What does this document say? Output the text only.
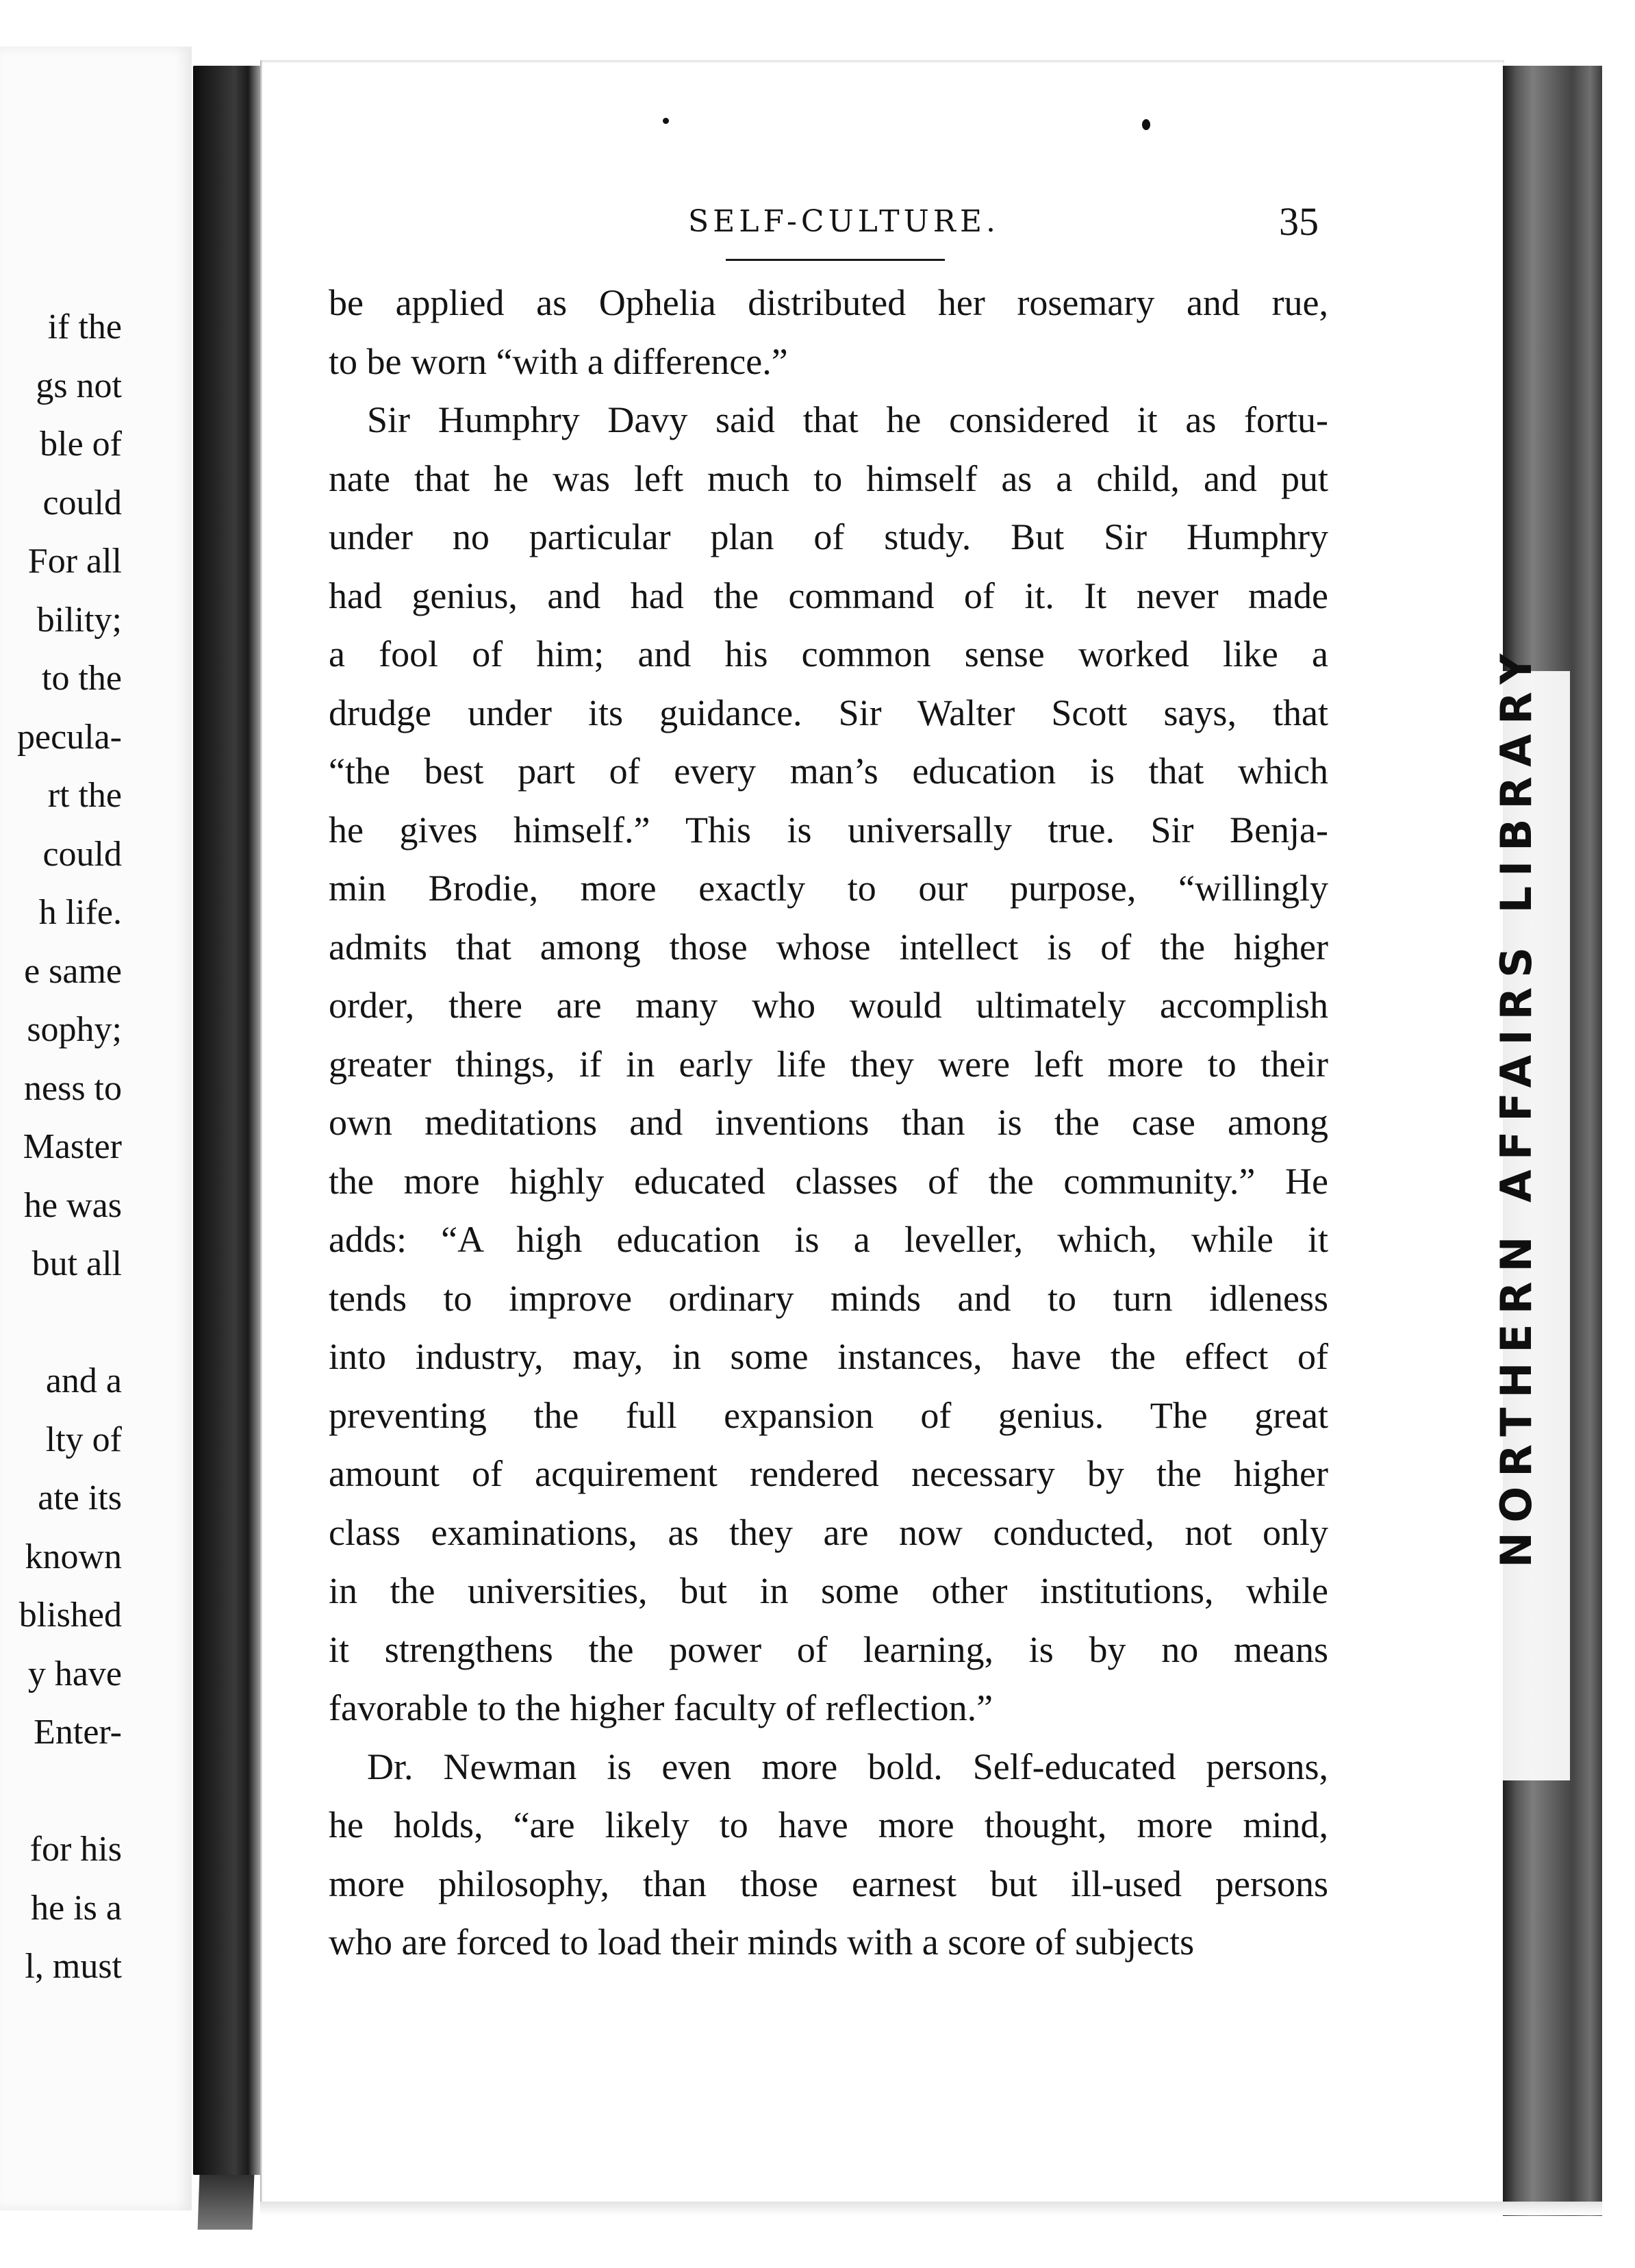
if the
gs not
ble of
could
For all
bility;
to the
pecula-
rt the
could
h life.
e same
sophy;
ness to
Master
he was
but all
and a
lty of
ate its
known
blished
y have
Enter-
for his
he is a
l, must
SELF-CULTURE.	35
be applied as Ophelia distributed her rosemary and rue,
to be worn “with a difference.”
Sir Humphry Davy said that he considered it as fortu-
nate that he was left much to himself as a child, and put
under no particular plan of study. But Sir Humphry
had genius, and had the command of it. It never made
a fool of him; and his common sense worked like a
drudge under its guidance. Sir Walter Scott says, that
“the best part of every man’s education is that which
he gives himself.” This is universally true. Sir Benja-
min Brodie, more exactly to our purpose, “willingly
admits that among those whose intellect is of the higher
order, there are many who would ultimately accomplish
greater things, if in early life they were left more to their
own meditations and inventions than is the case among
the more highly educated classes of the community.” He
adds: “A high education is a leveller, which, while it
tends to improve ordinary minds and to turn idleness
into industry, may, in some instances, have the effect of
preventing the full expansion of genius. The great
amount of acquirement rendered necessary by the higher
class examinations, as they are now conducted, not only
in the universities, but in some other institutions, while
it strengthens the power of learning, is by no means
favorable to the higher faculty of reflection.”
Dr. Newman is even more bold. Self-educated persons,
he holds, “are likely to have more thought, more mind,
more philosophy, than those earnest but ill-used persons
who are forced to load their minds with a score of subjects
NORTHERN AFFAIRS LIBRARY
